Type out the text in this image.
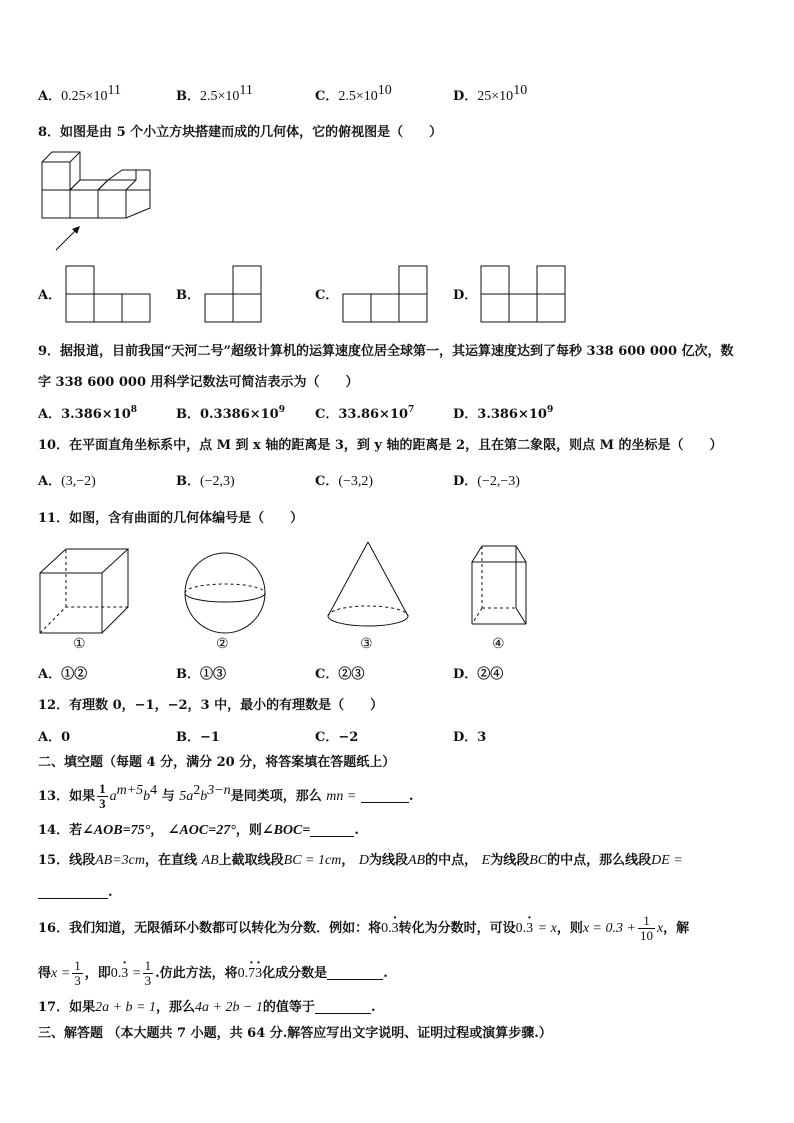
A．$0.25\times 10^{11}$	B．$2.5\times 10^{11}$	C．$2.5\times 10^{10}$	D．$25\times 10^{10}$
8．如图是由 5 个小立方块搭建而成的几何体，它的俯视图是（　　）
A．	B．	C．	D．
9．据报道，目前我国“天河二号”超级计算机的运算速度位居全球第一，其运算速度达到了每秒 338 600 000 亿次，数
字 338 600 000 用科学记数法可简洁表示为（　　）
A．$3.386\times 10^8$	B．$0.3386\times 10^9$ C．$33.86\times 10^7$	D．$3.386\times 10^9$
10．在平面直角坐标系中，点 M 到 x 轴的距离是 3，到 y 轴的距离是 2，且在第二象限，则点 M 的坐标是（　　）
A．(3,−2)	B．(−2,3)	C．(−3,2)	D．(−2,−3)
11．如图，含有曲面的几何体编号是（　　）
①	②	③	④
A．①②	B．①③	C．②③	D．②④
12．有理数 0，−1，−2，3 中，最小的有理数是（　　）
A．0	B．−1	C．−2	D．3
二、填空题（每题 4 分，满分 20 分，将答案填在答题纸上）
13．如果 $\frac{1}{3} a^{m+5}b^4$ 与 $5a^2b^{3-n}$是同类项，那么 mn =	.
14．若∠AOB=75°， ∠AOC=27°，则∠BOC=	.
15．线段AB=3cm，在直线 AB上截取线段BC = 1cm， D为线段AB的中点， E为线段BC的中点，那么线段DE =
.
16．我们知道，无限循环小数都可以转化为分数．例如：将0.· 3转化为分数时，可设0.· 3 = x，则$x = 0.3 + \frac{1}{10}$ x，解
得$x = \frac{1}{3}$ ，即$0.\cdot 3 = \frac{1}{3}$ .仿此方法，将0.· 7· 3化成分数是	.
17．如果2a + b = 1，那么4a + 2b − 1的值等于	.
三、解答题 （本大题共 7 小题，共 64 分.解答应写出文字说明、证明过程或演算步骤.）
